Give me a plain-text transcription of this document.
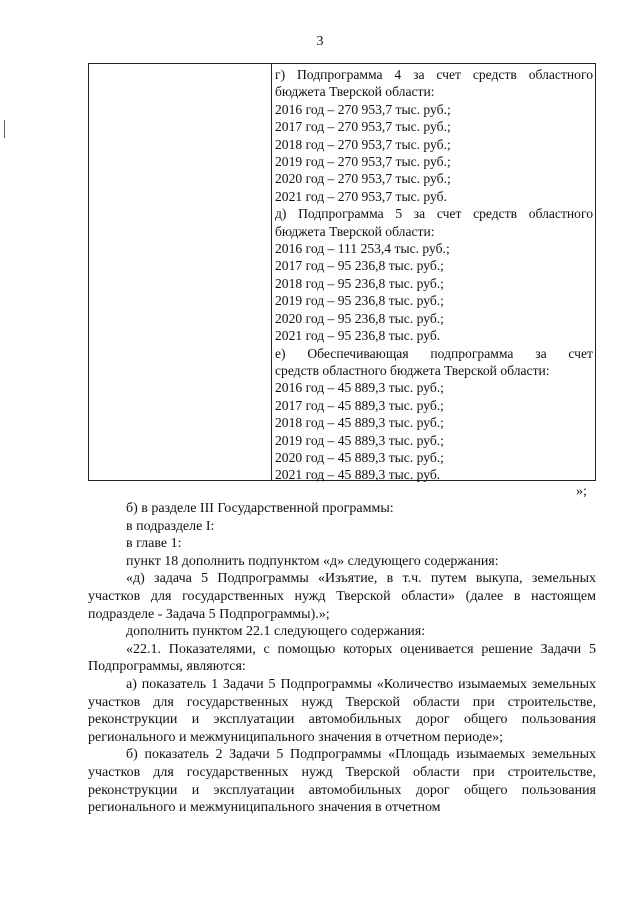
3
г) Подпрограмма 4 за счет средств областного
бюджета Тверской области:
2016 год – 270 953,7 тыс. руб.;
2017 год – 270 953,7 тыс. руб.;
2018 год – 270 953,7 тыс. руб.;
2019 год – 270 953,7 тыс. руб.;
2020 год – 270 953,7 тыс. руб.;
2021 год – 270 953,7 тыс. руб.
д) Подпрограмма 5 за счет средств областного
бюджета Тверской области:
2016 год – 111 253,4 тыс. руб.;
2017 год – 95 236,8 тыс. руб.;
2018 год – 95 236,8 тыс. руб.;
2019 год – 95 236,8 тыс. руб.;
2020 год – 95 236,8 тыс. руб.;
2021 год – 95 236,8 тыс. руб.
е) Обеспечивающая подпрограмма за счет
средств областного бюджета Тверской области:
2016 год – 45 889,3 тыс. руб.;
2017 год – 45 889,3 тыс. руб.;
2018 год – 45 889,3 тыс. руб.;
2019 год – 45 889,3 тыс. руб.;
2020 год – 45 889,3 тыс. руб.;
2021 год – 45 889,3 тыс. руб.
»;

б) в разделе III Государственной программы:

в подразделе I:

в главе 1:

пункт 18 дополнить подпунктом «д» следующего содержания:

«д) задача 5 Подпрограммы «Изъятие, в т.ч. путем выкупа, земельных участков для государственных нужд Тверской области» (далее в настоящем подразделе - Задача 5 Подпрограммы).»;

дополнить пунктом 22.1 следующего содержания:

«22.1. Показателями, с помощью которых оценивается решение Задачи 5 Подпрограммы, являются:

а) показатель 1 Задачи 5 Подпрограммы «Количество изымаемых земельных участков для государственных нужд Тверской области при строительстве, реконструкции и эксплуатации автомобильных дорог общего пользования регионального и межмуниципального значения в отчетном периоде»;

б) показатель 2 Задачи 5 Подпрограммы «Площадь изымаемых земельных участков для государственных нужд Тверской области при строительстве, реконструкции и эксплуатации автомобильных дорог общего пользования регионального и межмуниципального значения в отчетном
